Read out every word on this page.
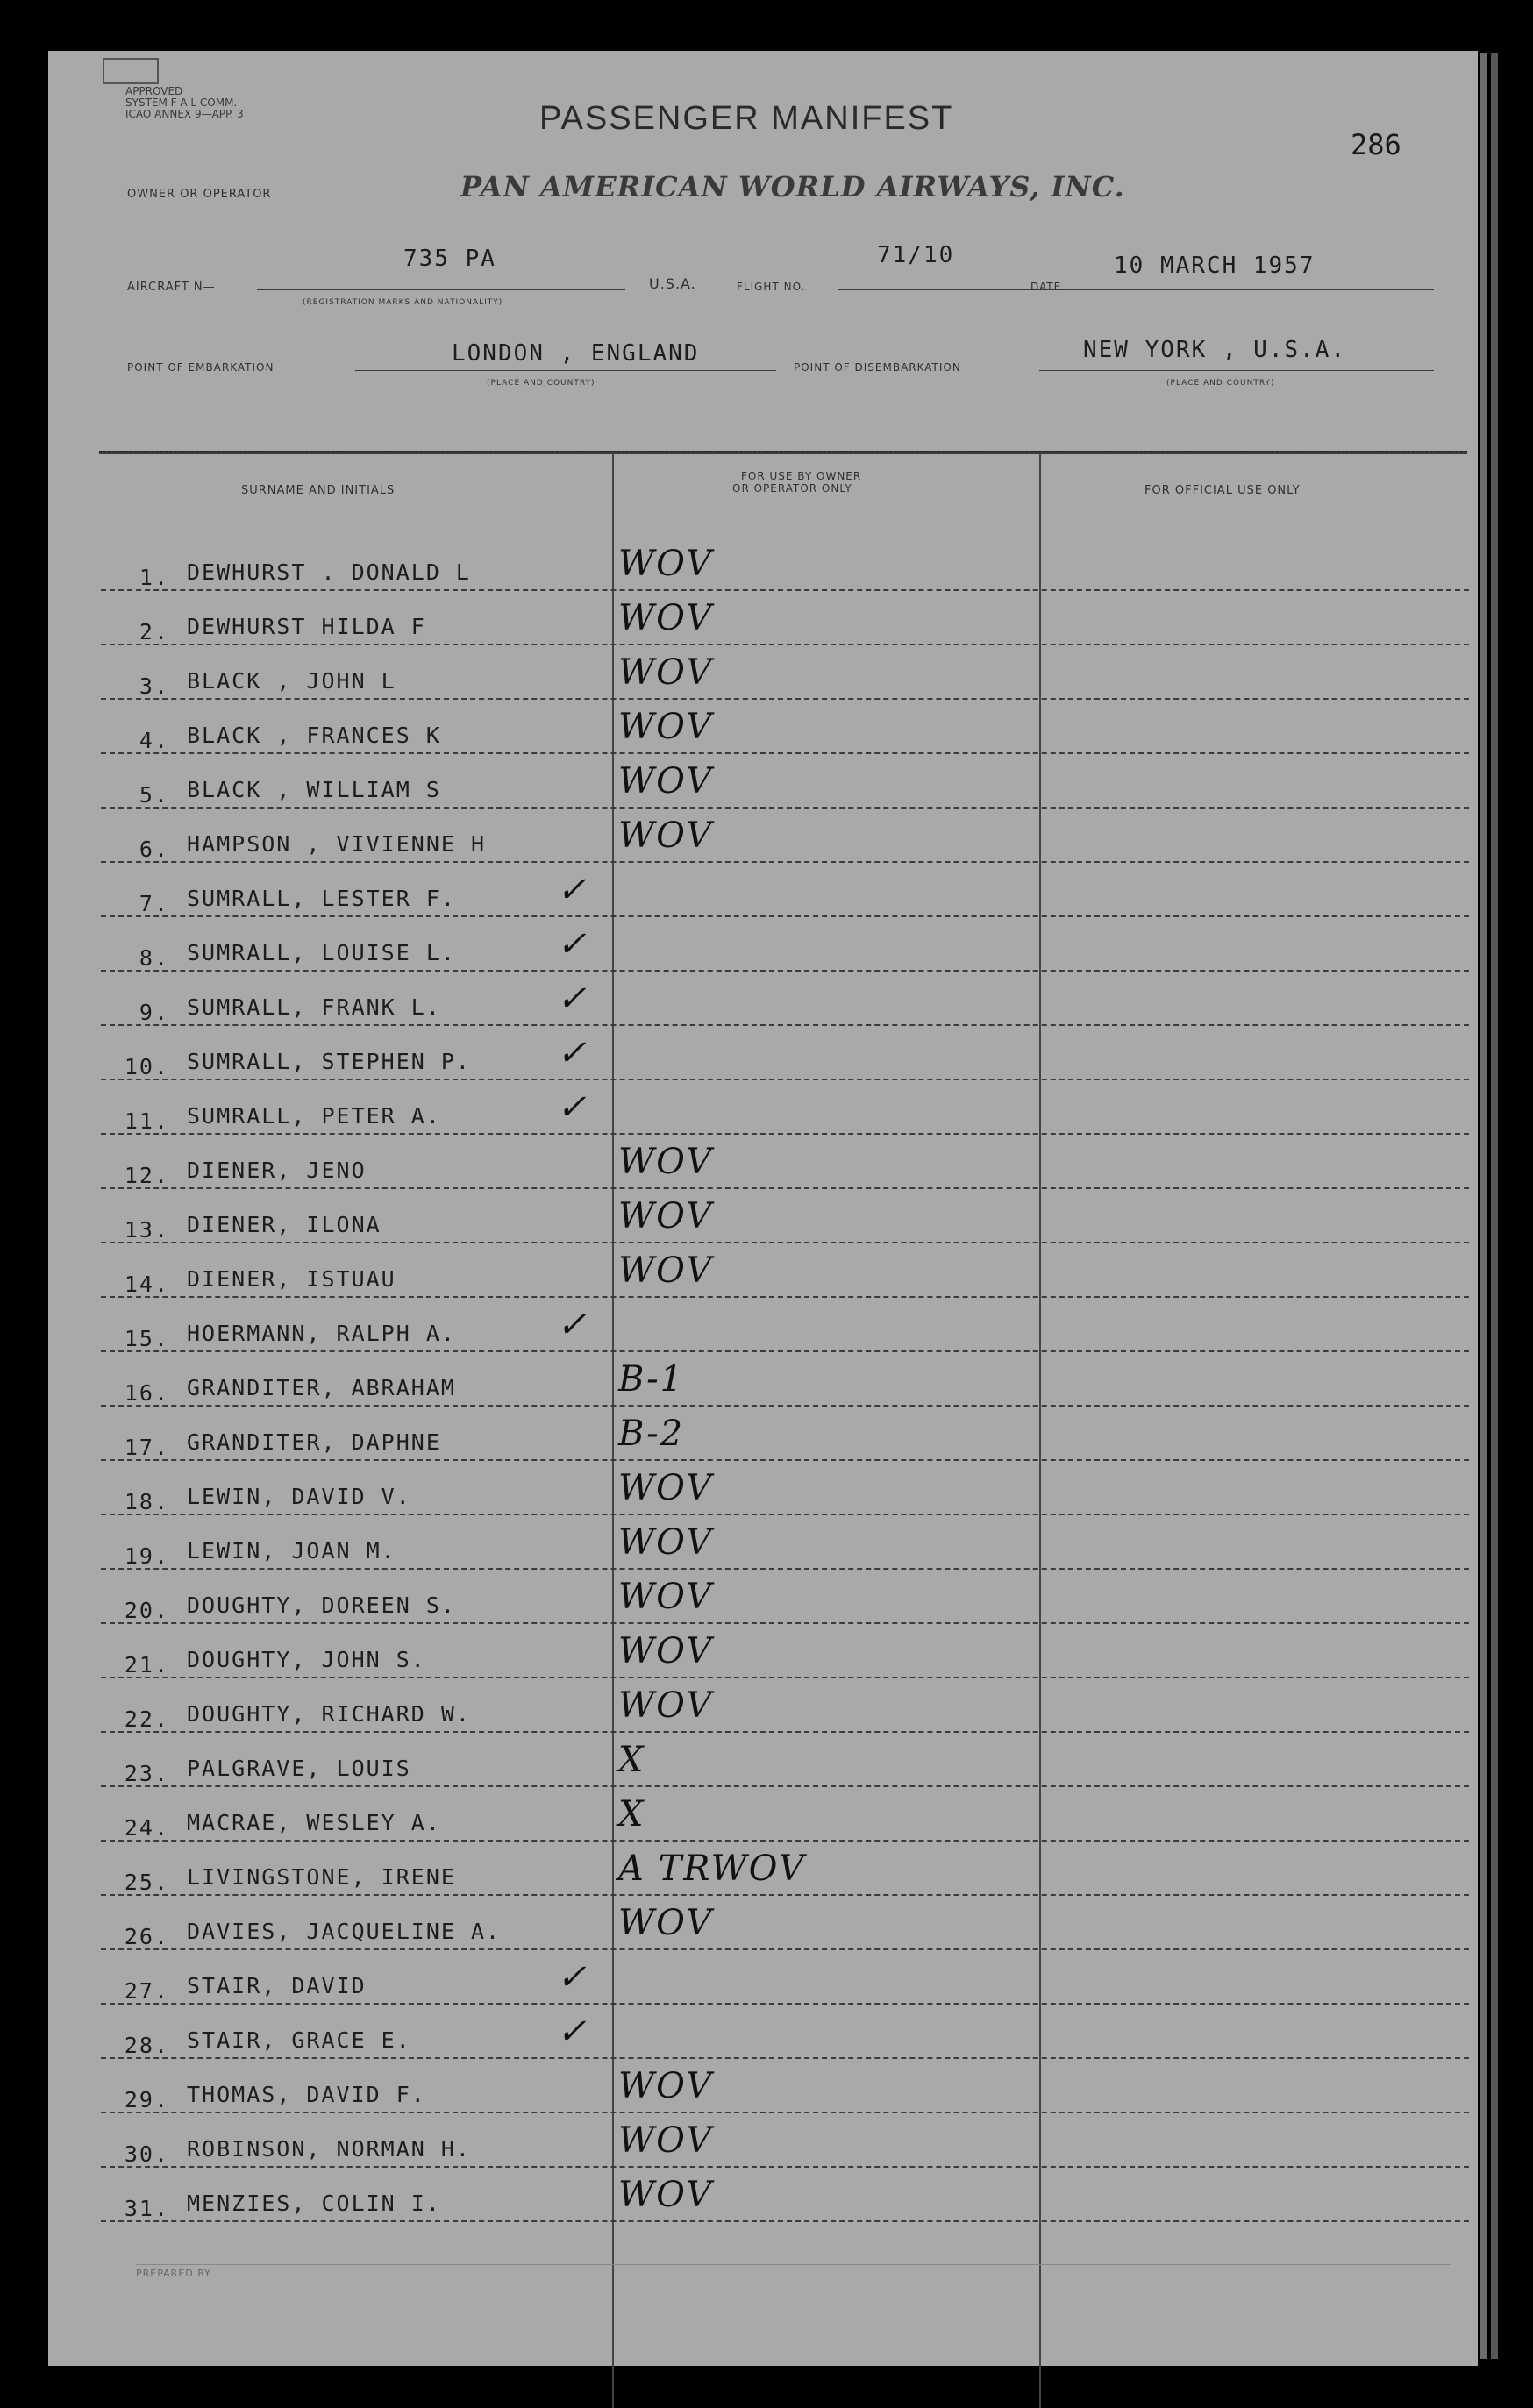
APPROVED
SYSTEM F A L COMM.
ICAO ANNEX 9—APP. 3	PASSENGER MANIFEST
286
OWNER OR OPERATOR	PAN AMERICAN WORLD AIRWAYS, INC.
AIRCRAFT N—
735 PA
(REGISTRATION MARKS AND NATIONALITY)
U.S.A.	FLIGHT NO.
71/10
DATE
10 MARCH 1957
POINT OF EMBARKATION
LONDON , ENGLAND
(PLACE AND COUNTRY)
POINT OF DISEMBARKATION
NEW YORK , U.S.A.
(PLACE AND COUNTRY)
SURNAME AND INITIALS
FOR USE BY OWNER
OR OPERATOR ONLY	FOR OFFICIAL USE ONLY
1. DEWHURST . DONALD L	WOV
2. DEWHURST HILDA F	WOV
3. BLACK , JOHN L	WOV
4. BLACK , FRANCES K	WOV
5. BLACK , WILLIAM S	WOV
6. HAMPSON , VIVIENNE H	WOV
7. SUMRALL, LESTER F.	✓
8. SUMRALL, LOUISE L.	✓
9. SUMRALL, FRANK L.	✓
10. SUMRALL, STEPHEN P. ✓
11. SUMRALL, PETER A.	✓
12. DIENER, JENO	WOV
13. DIENER, ILONA	WOV
14. DIENER, ISTUAU	WOV
15. HOERMANN, RALPH A.	✓
16. GRANDITER, ABRAHAM	B-1
17. GRANDITER, DAPHNE	B-2
18. LEWIN, DAVID V.	WOV
19. LEWIN, JOAN M.	WOV
20. DOUGHTY, DOREEN S.	WOV
21. DOUGHTY, JOHN S.	WOV
22. DOUGHTY, RICHARD W.	WOV
23. PALGRAVE, LOUIS	X
24. MACRAE, WESLEY A.	X
25. LIVINGSTONE, IRENE	A TRWOV
26. DAVIES, JACQUELINE A.	WOV
27. STAIR, DAVID	✓
28. STAIR, GRACE E.	✓
29. THOMAS, DAVID F.	WOV
30. ROBINSON, NORMAN H.	WOV
31. MENZIES, COLIN I.	WOV
PREPARED BY
